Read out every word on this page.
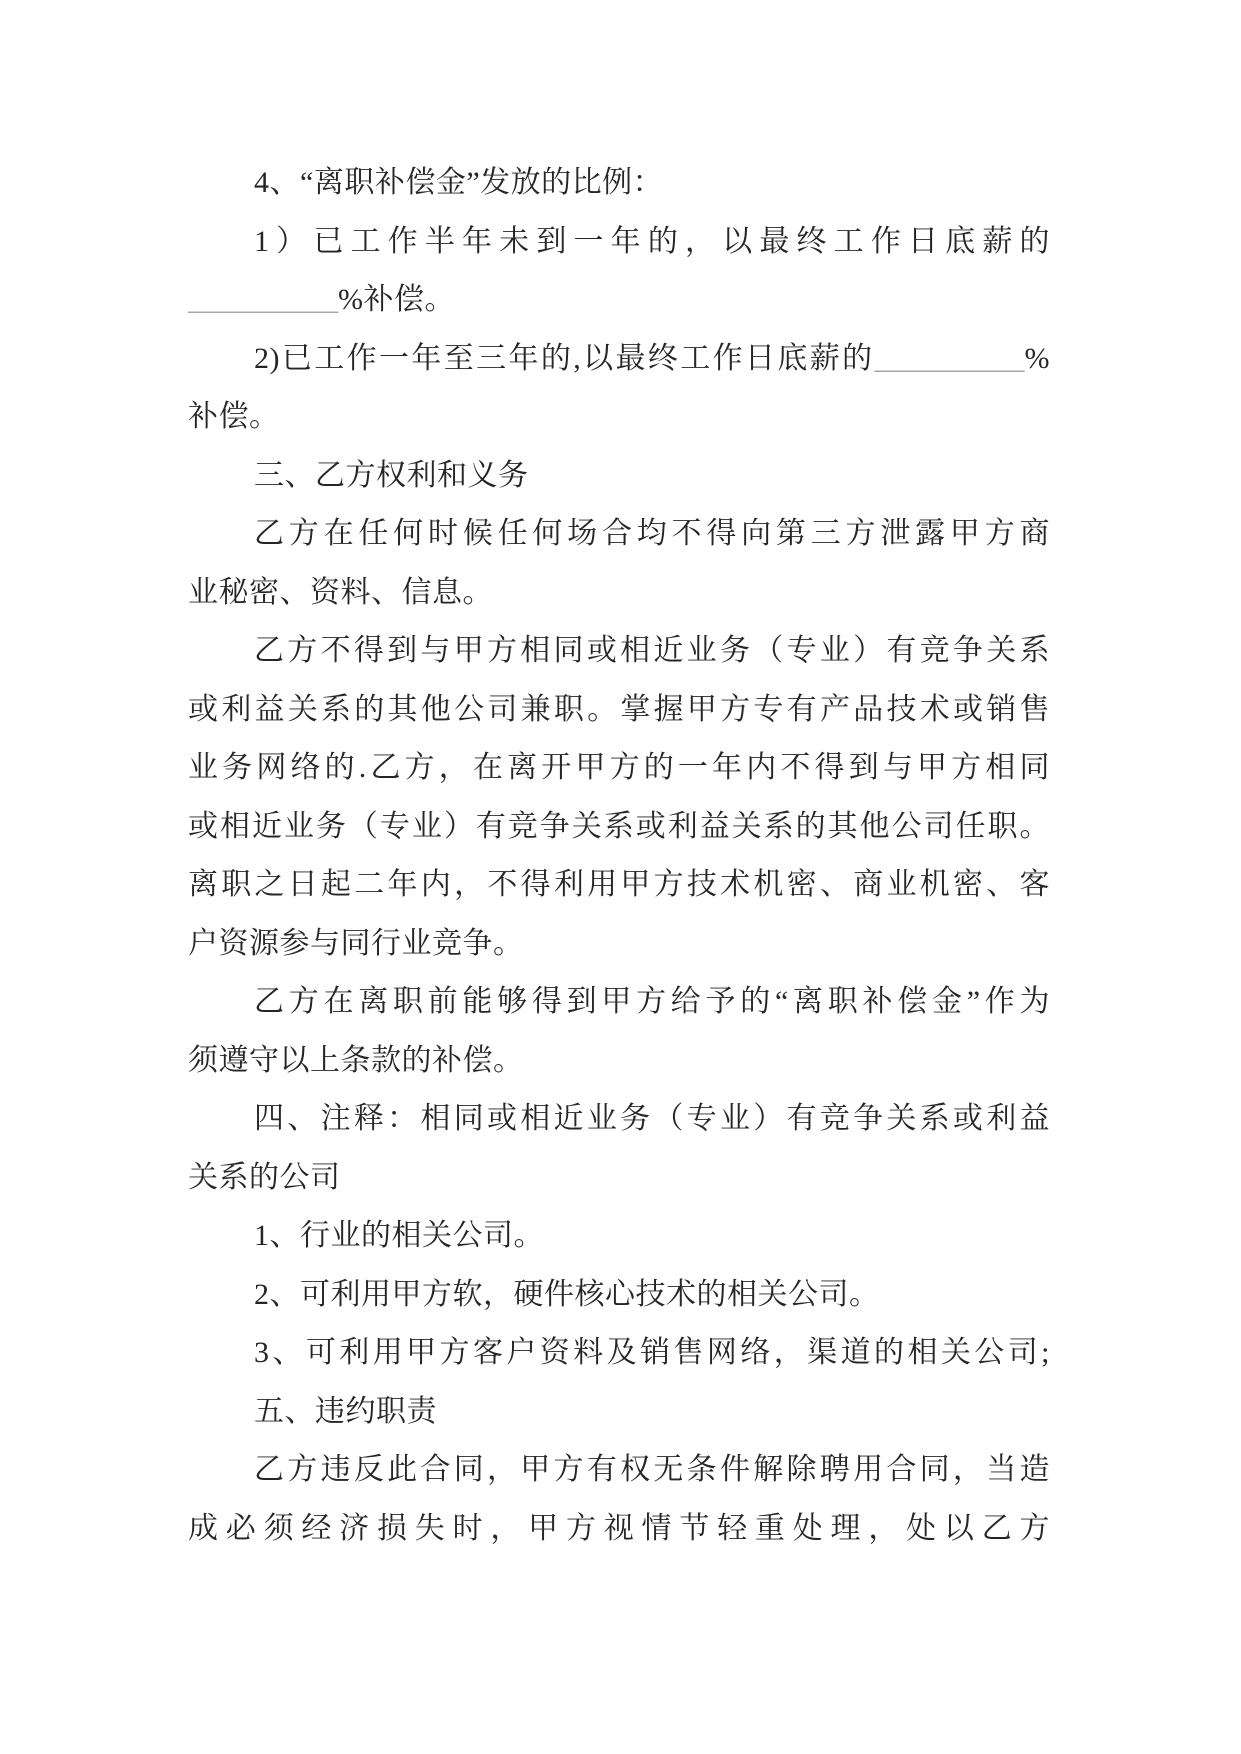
4、“离职补偿金”发放的比例：
1）已工作半年未到一年的，以最终工作日底薪的
__________%补偿。
2)已工作一年至三年的,以最终工作日底薪的__________%
补偿。
三、乙方权利和义务
乙方在任何时候任何场合均不得向第三方泄露甲方商
业秘密、资料、信息。
乙方不得到与甲方相同或相近业务（专业）有竞争关系
或利益关系的其他公司兼职。掌握甲方专有产品技术或销售
业务网络的.乙方，在离开甲方的一年内不得到与甲方相同
或相近业务（专业）有竞争关系或利益关系的其他公司任职。
离职之日起二年内，不得利用甲方技术机密、商业机密、客
户资源参与同行业竞争。
乙方在离职前能够得到甲方给予的“离职补偿金”作为
须遵守以上条款的补偿。
四、注释：相同或相近业务（专业）有竞争关系或利益
关系的公司
1、行业的相关公司。
2、可利用甲方软，硬件核心技术的相关公司。
3、可利用甲方客户资料及销售网络，渠道的相关公司;
五、违约职责
乙方违反此合同，甲方有权无条件解除聘用合同，当造
成必须经济损失时，甲方视情节轻重处理，处以乙方
